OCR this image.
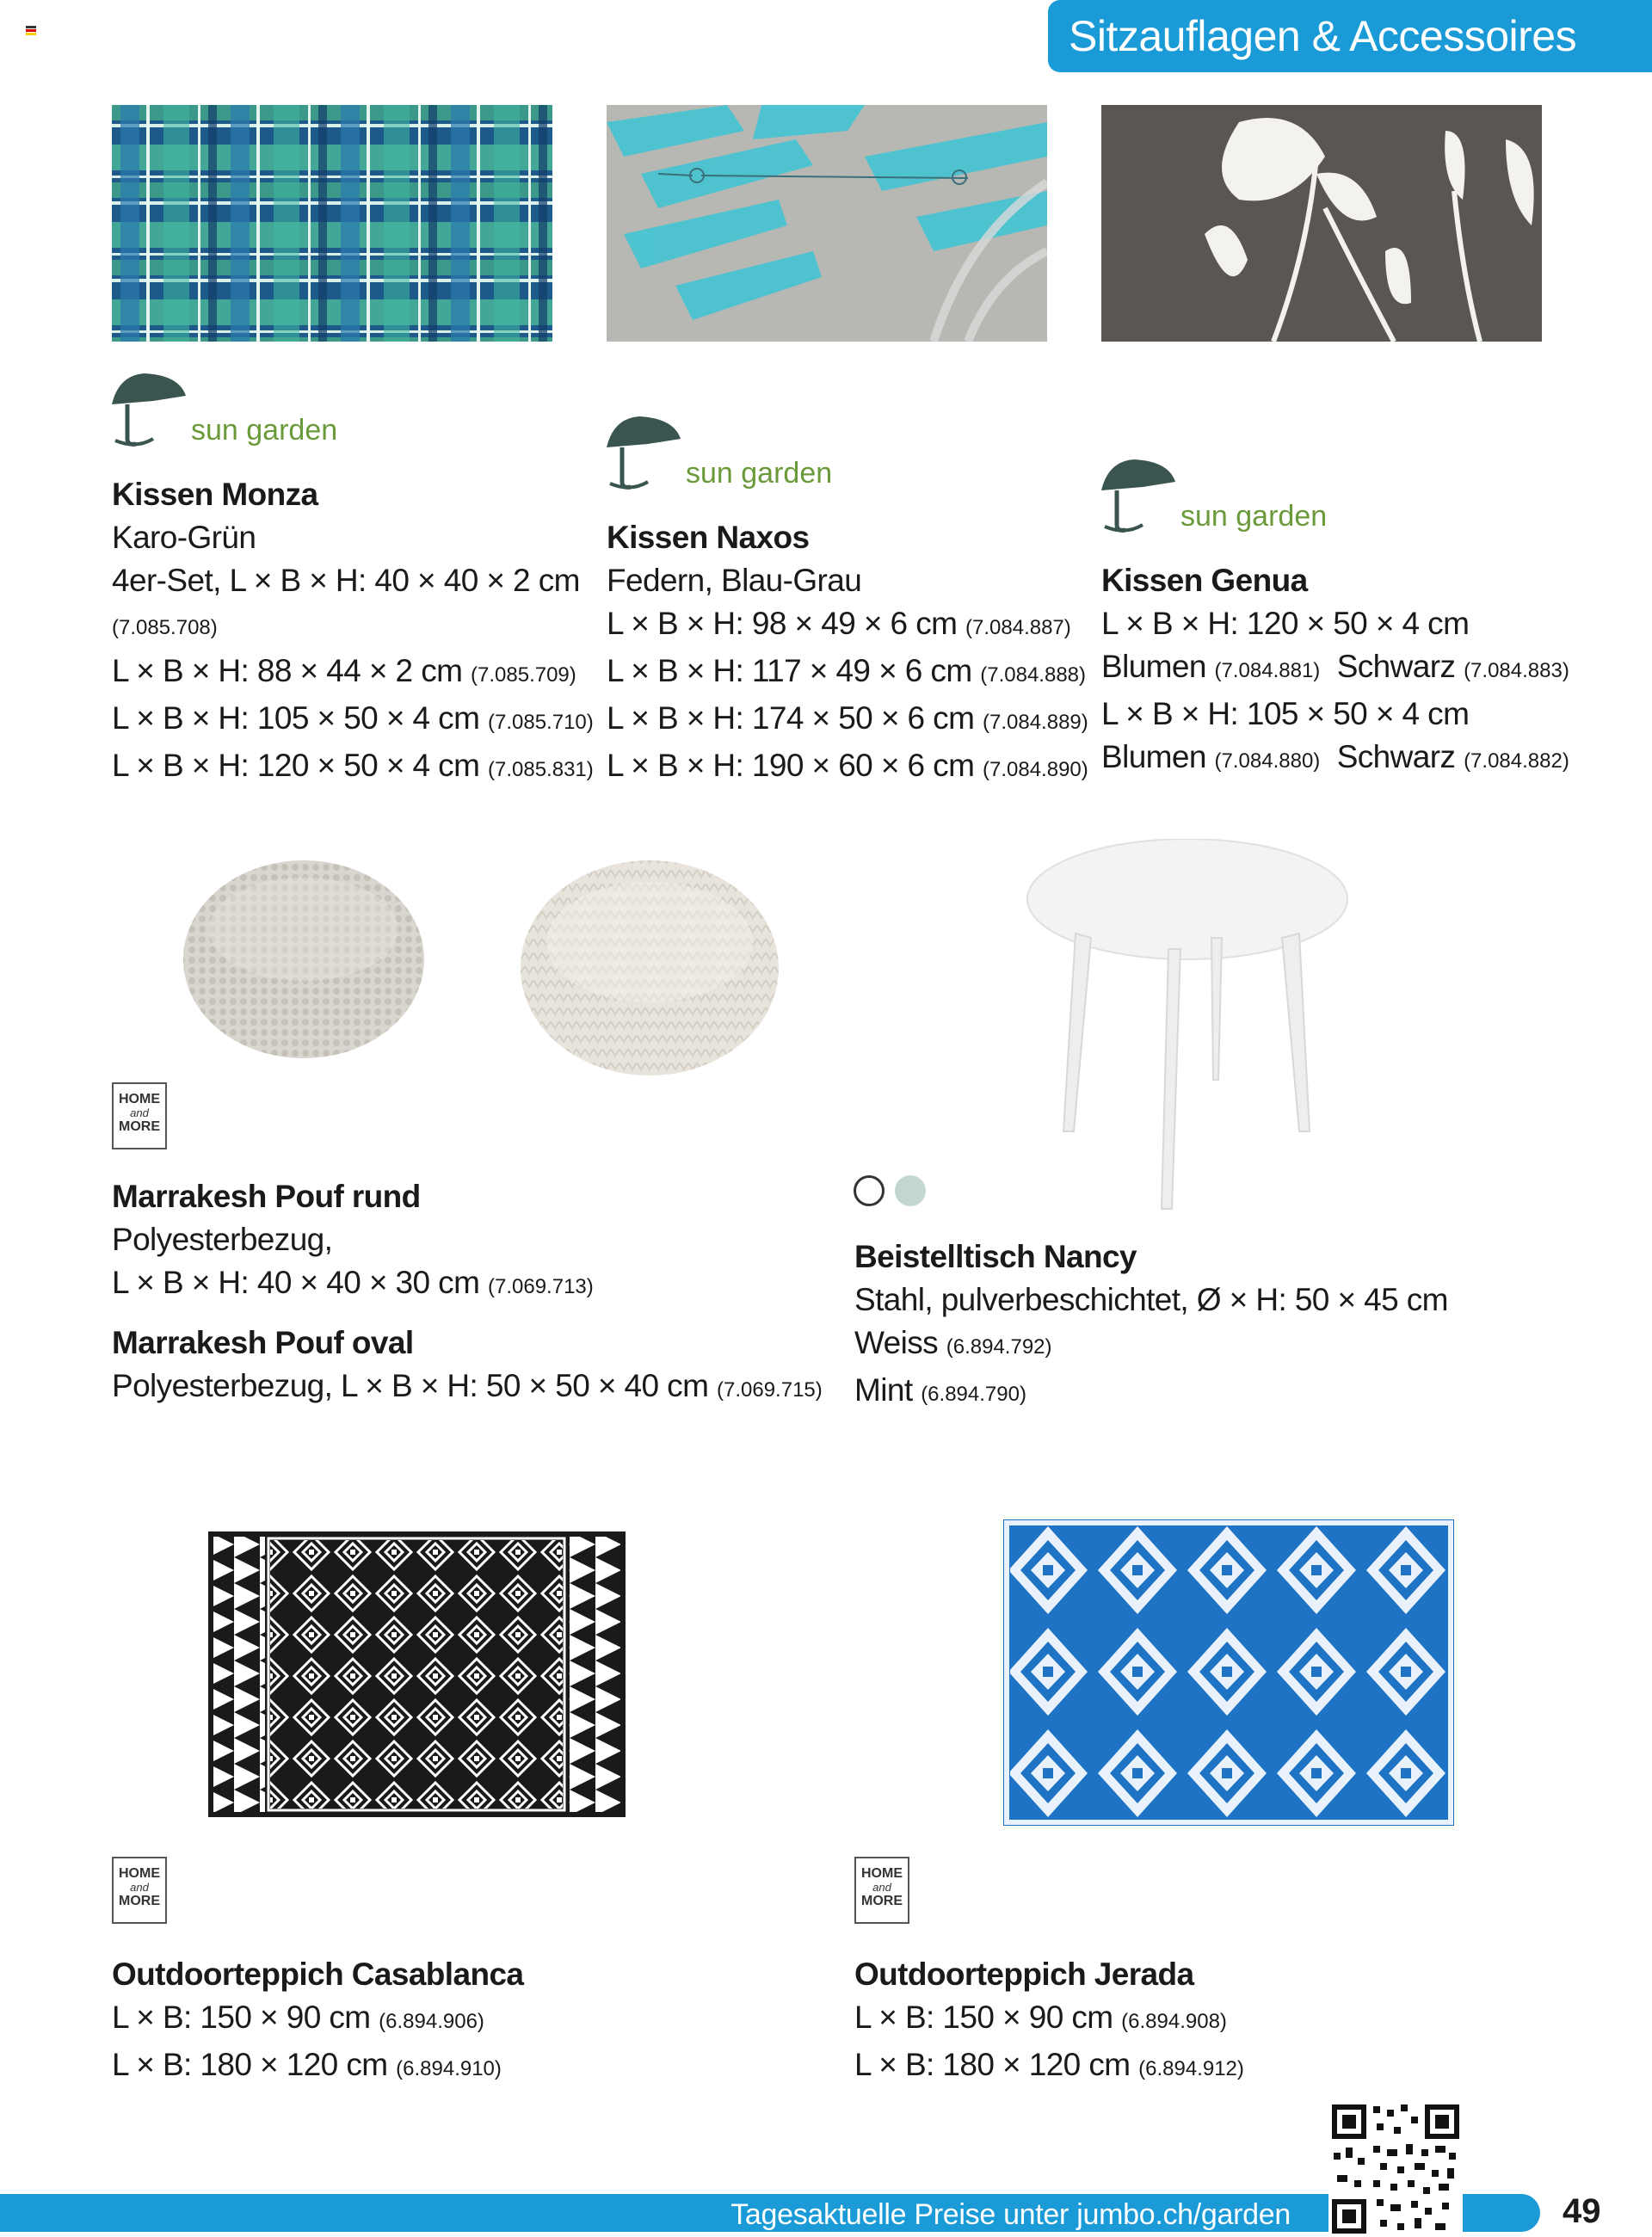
Sitzauflagen & Accessoires
sun garden
sun garden
sun garden
Kissen Monza
Karo-Grün
4er-Set, L × B × H: 40 × 40 × 2 cm
(7.085.708)
L × B × H: 88 × 44 × 2 cm (7.085.709)
L × B × H: 105 × 50 × 4 cm (7.085.710)
L × B × H: 120 × 50 × 4 cm (7.085.831)
Kissen Naxos
Federn, Blau-Grau
L × B × H: 98 × 49 × 6 cm (7.084.887)
L × B × H: 117 × 49 × 6 cm (7.084.888)
L × B × H: 174 × 50 × 6 cm (7.084.889)
L × B × H: 190 × 60 × 6 cm (7.084.890)
Kissen Genua
L × B × H: 120 × 50 × 4 cm
Blumen (7.084.881) Schwarz (7.084.883)
L × B × H: 105 × 50 × 4 cm
Blumen (7.084.880) Schwarz (7.084.882)
HOME
and
MORE
Marrakesh Pouf rund
Polyesterbezug,
L × B × H: 40 × 40 × 30 cm (7.069.713)
Marrakesh Pouf oval
Polyesterbezug, L × B × H: 50 × 50 × 40 cm (7.069.715)
Beistelltisch Nancy
Stahl, pulverbeschichtet, Ø × H: 50 × 45 cm
Weiss (6.894.792)
Mint (6.894.790)
HOME
and
MORE
HOME
and
MORE
Outdoorteppich Casablanca
L × B: 150 × 90 cm (6.894.906)
L × B: 180 × 120 cm (6.894.910)
Outdoorteppich Jerada
L × B: 150 × 90 cm (6.894.908)
L × B: 180 × 120 cm (6.894.912)
Tagesaktuelle Preise unter jumbo.ch/garden	49
